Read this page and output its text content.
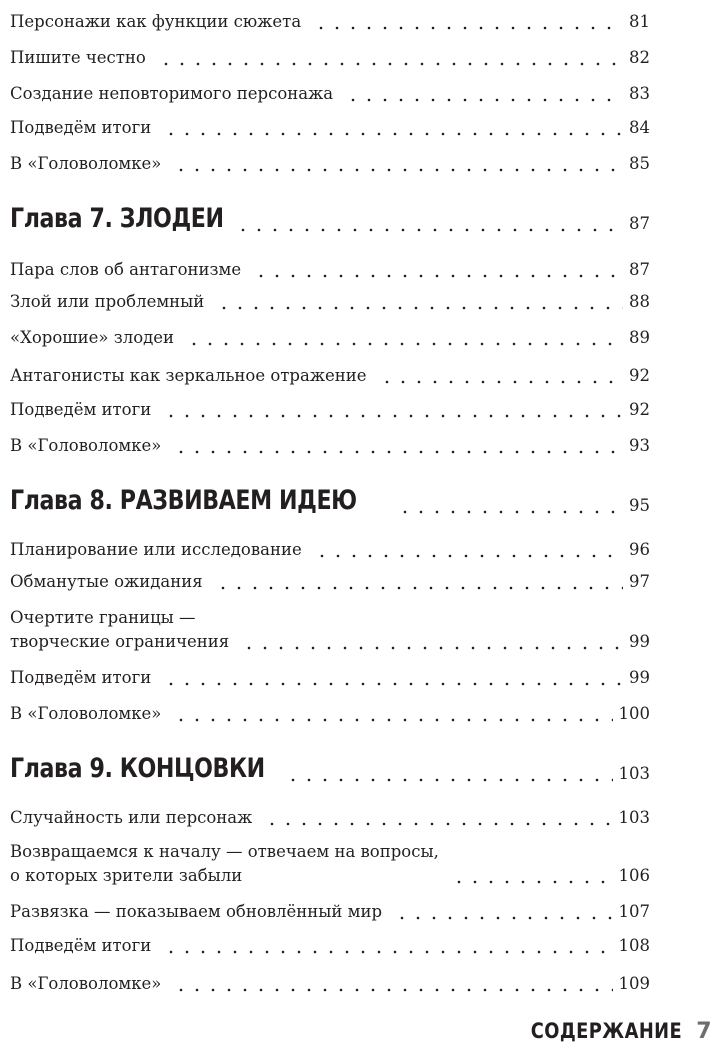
Персонажи как функции сюжета	81
Пишите честно	82
Создание неповторимого персонажа	83
Подведём итоги	84
В «Головоломке»	85
Глава 7. ЗЛОДЕИ	87
Пара слов об антагонизме	87
Злой или проблемный	88
«Хорошие» злодеи	89
Антагонисты как зеркальное отражение	92
Подведём итоги	92
В «Головоломке»	93
Глава 8. РАЗВИВАЕМ ИДЕЮ	95
Планирование или исследование	96
Обманутые ожидания	97
Очертите границы —
творческие ограничения	99
Подведём итоги	99
В «Головоломке»	100
Глава 9. КОНЦОВКИ	103
Случайность или персонаж	103
Возвращаемся к началу — отвечаем на вопросы,
о которых зрители забыли	106
Развязка — показываем обновлённый мир	107
Подведём итоги	108
В «Головоломке»	109
СОДЕРЖАНИЕ 7
